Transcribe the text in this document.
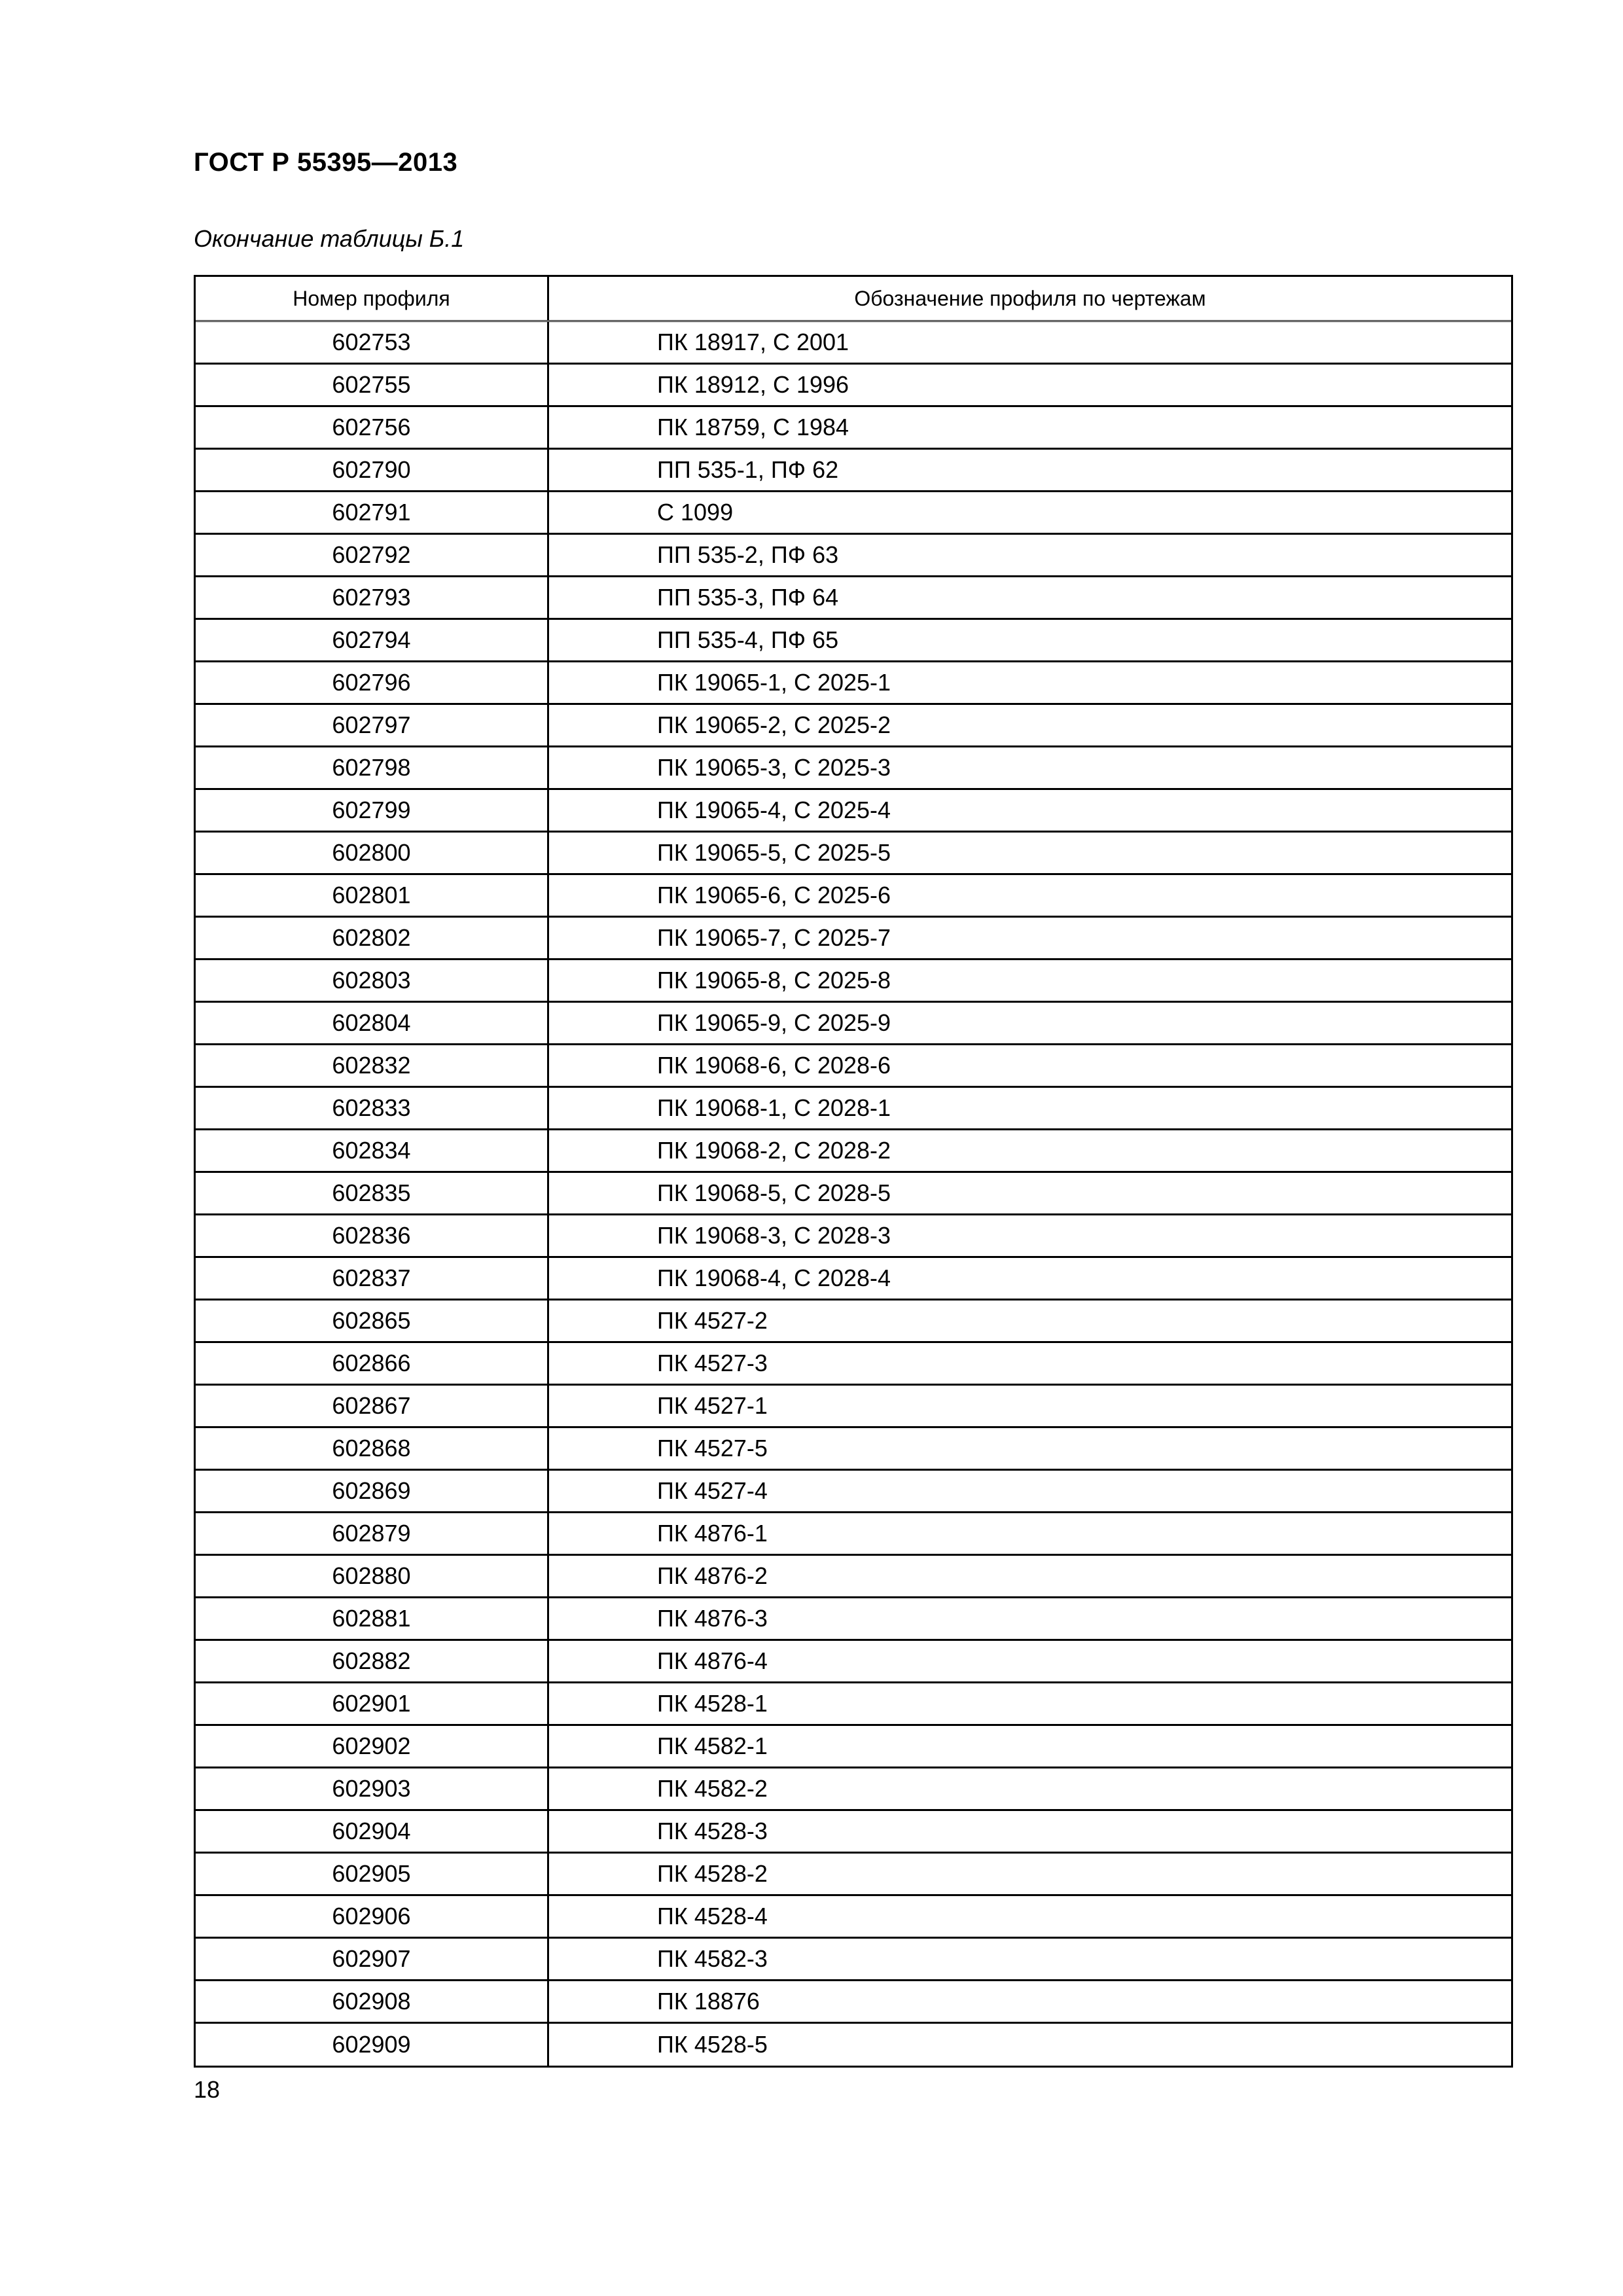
ГОСТ Р 55395—2013
Окончание таблицы Б.1
Номер профиля	Обозначение профиля по чертежам
602753	ПК 18917, С 2001
602755	ПК 18912, С 1996
602756	ПК 18759, С 1984
602790	ПП 535-1, ПФ 62
602791	С 1099
602792	ПП 535-2, ПФ 63
602793	ПП 535-3, ПФ 64
602794	ПП 535-4, ПФ 65
602796	ПК 19065-1, С 2025-1
602797	ПК 19065-2, С 2025-2
602798	ПК 19065-3, С 2025-3
602799	ПК 19065-4, С 2025-4
602800	ПК 19065-5, С 2025-5
602801	ПК 19065-6, С 2025-6
602802	ПК 19065-7, С 2025-7
602803	ПК 19065-8, С 2025-8
602804	ПК 19065-9, С 2025-9
602832	ПК 19068-6, С 2028-6
602833	ПК 19068-1, С 2028-1
602834	ПК 19068-2, С 2028-2
602835	ПК 19068-5, С 2028-5
602836	ПК 19068-3, С 2028-3
602837	ПК 19068-4, С 2028-4
602865	ПК 4527-2
602866	ПК 4527-3
602867	ПК 4527-1
602868	ПК 4527-5
602869	ПК 4527-4
602879	ПК 4876-1
602880	ПК 4876-2
602881	ПК 4876-3
602882	ПК 4876-4
602901	ПК 4528-1
602902	ПК 4582-1
602903	ПК 4582-2
602904	ПК 4528-3
602905	ПК 4528-2
602906	ПК 4528-4
602907	ПК 4582-3
602908	ПК 18876
602909	ПК 4528-5
18
